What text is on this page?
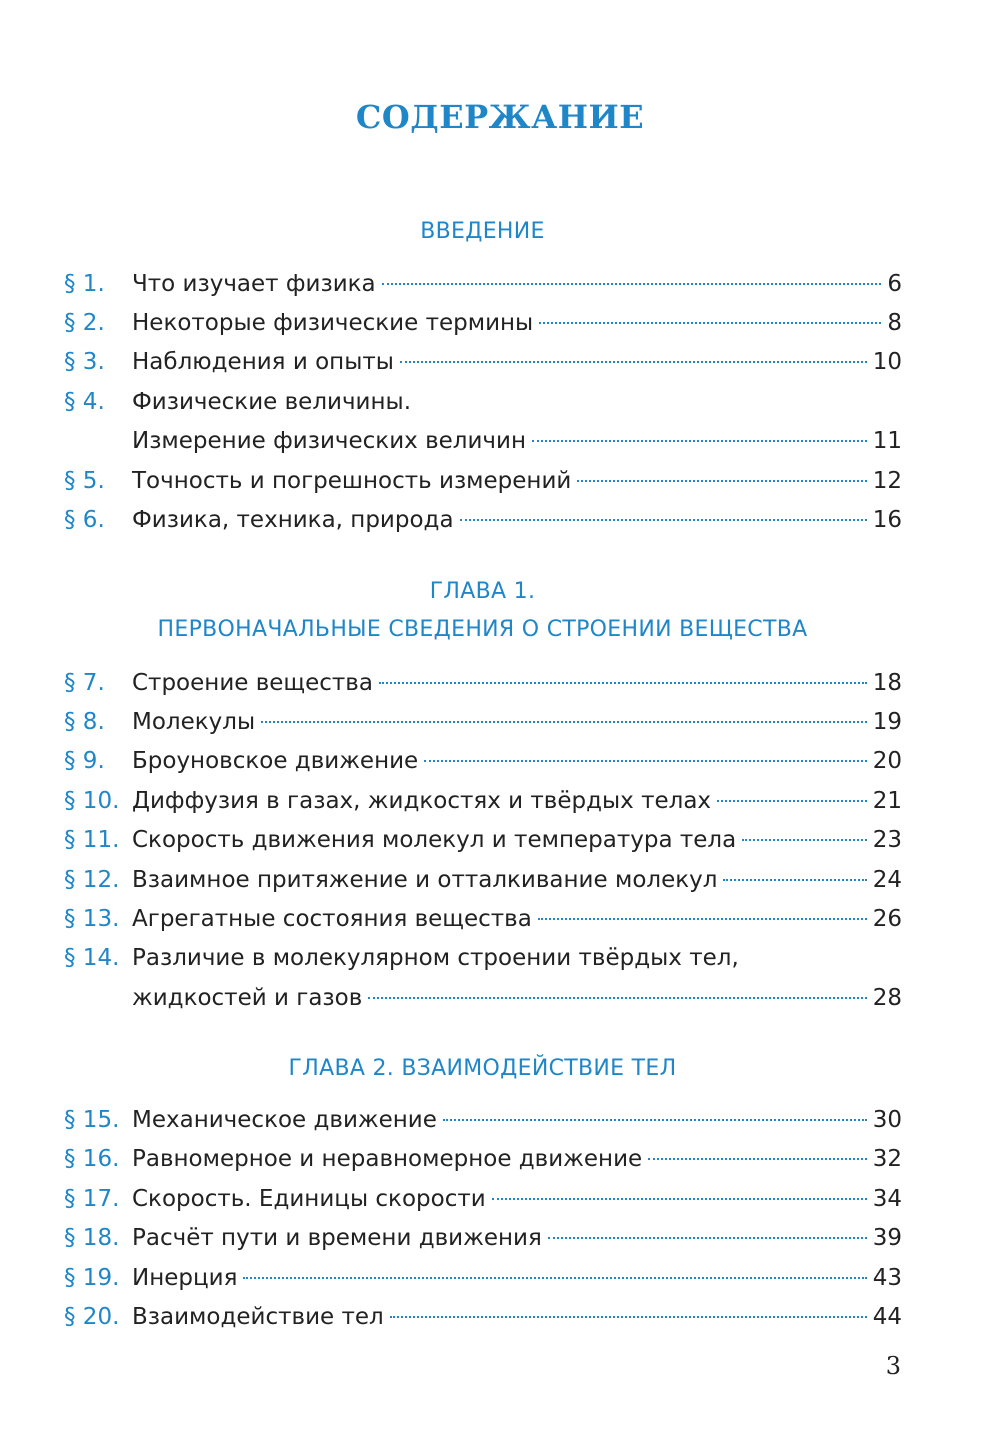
СОДЕРЖАНИЕ
ВВЕДЕНИЕ
§ 1.	Что изучает физика	6
§ 2.	Некоторые физические термины	8
§ 3.	Наблюдения и опыты	10
§ 4.	Физические величины.
Измерение физических величин	11
§ 5.	Точность и погрешность измерений	12
§ 6.	Физика, техника, природа	16
ГЛАВА 1.
ПЕРВОНАЧАЛЬНЫЕ СВЕДЕНИЯ О СТРОЕНИИ ВЕЩЕСТВА
§ 7.	Строение вещества	18
§ 8.	Молекулы	19
§ 9.	Броуновское движение	20
§ 10. Диффузия в газах, жидкостях и твёрдых телах	21
§ 11. Скорость движения молекул и температура тела	23
§ 12. Взаимное притяжение и отталкивание молекул	24
§ 13. Агрегатные состояния вещества	26
§ 14. Различие в молекулярном строении твёрдых тел,
жидкостей и газов	28
ГЛАВА 2. ВЗАИМОДЕЙСТВИЕ ТЕЛ
§ 15. Механическое движение	30
§ 16. Равномерное и неравномерное движение	32
§ 17. Скорость. Единицы скорости	34
§ 18. Расчёт пути и времени движения	39
§ 19. Инерция	43
§ 20. Взаимодействие тел	44
3
